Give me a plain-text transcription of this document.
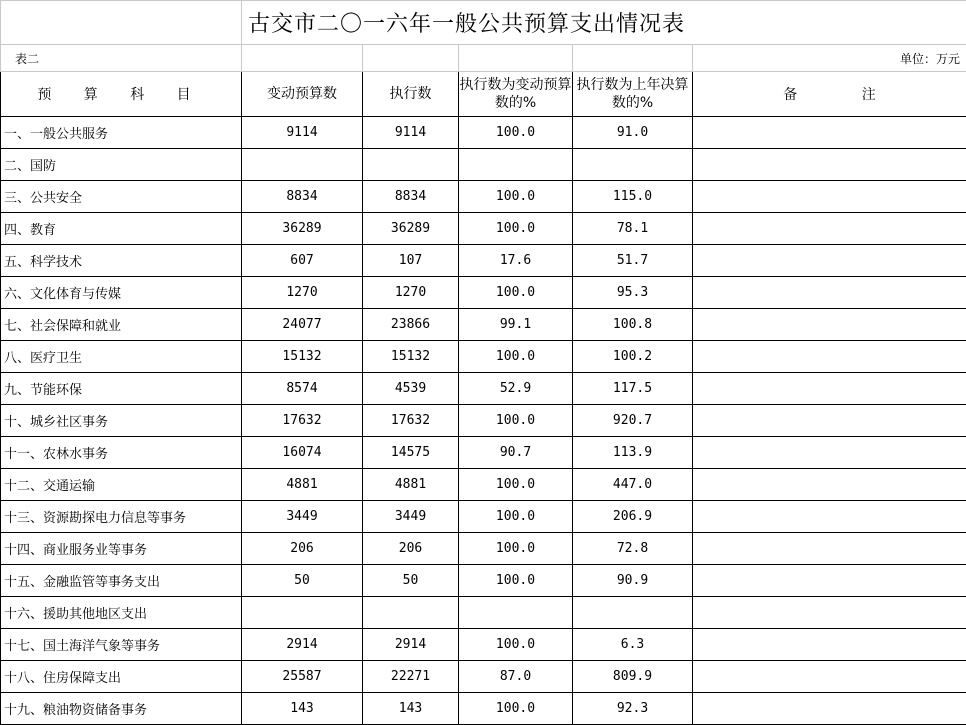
	古交市二〇一六年一般公共预算支出情况表				
表二					单位：万元
预 算 科 目	变动预算数	执行数	执行数为变动预算数的%	执行数为上年决算数的%	备 注
一、一般公共服务	9114	9114	100.0	91.0	
二、国防					
三、公共安全	8834	8834	100.0	115.0	
四、教育	36289	36289	100.0	78.1	
五、科学技术	607	107	17.6	51.7	
六、文化体育与传媒	1270	1270	100.0	95.3	
七、社会保障和就业	24077	23866	99.1	100.8	
八、医疗卫生	15132	15132	100.0	100.2	
九、节能环保	8574	4539	52.9	117.5	
十、城乡社区事务	17632	17632	100.0	920.7	
十一、农林水事务	16074	14575	90.7	113.9	
十二、交通运输	4881	4881	100.0	447.0	
十三、资源勘探电力信息等事务	3449	3449	100.0	206.9	
十四、商业服务业等事务	206	206	100.0	72.8	
十五、金融监管等事务支出	50	50	100.0	90.9	
十六、援助其他地区支出					
十七、国土海洋气象等事务	2914	2914	100.0	6.3	
十八、住房保障支出	25587	22271	87.0	809.9	
十九、粮油物资储备事务	143	143	100.0	92.3	
